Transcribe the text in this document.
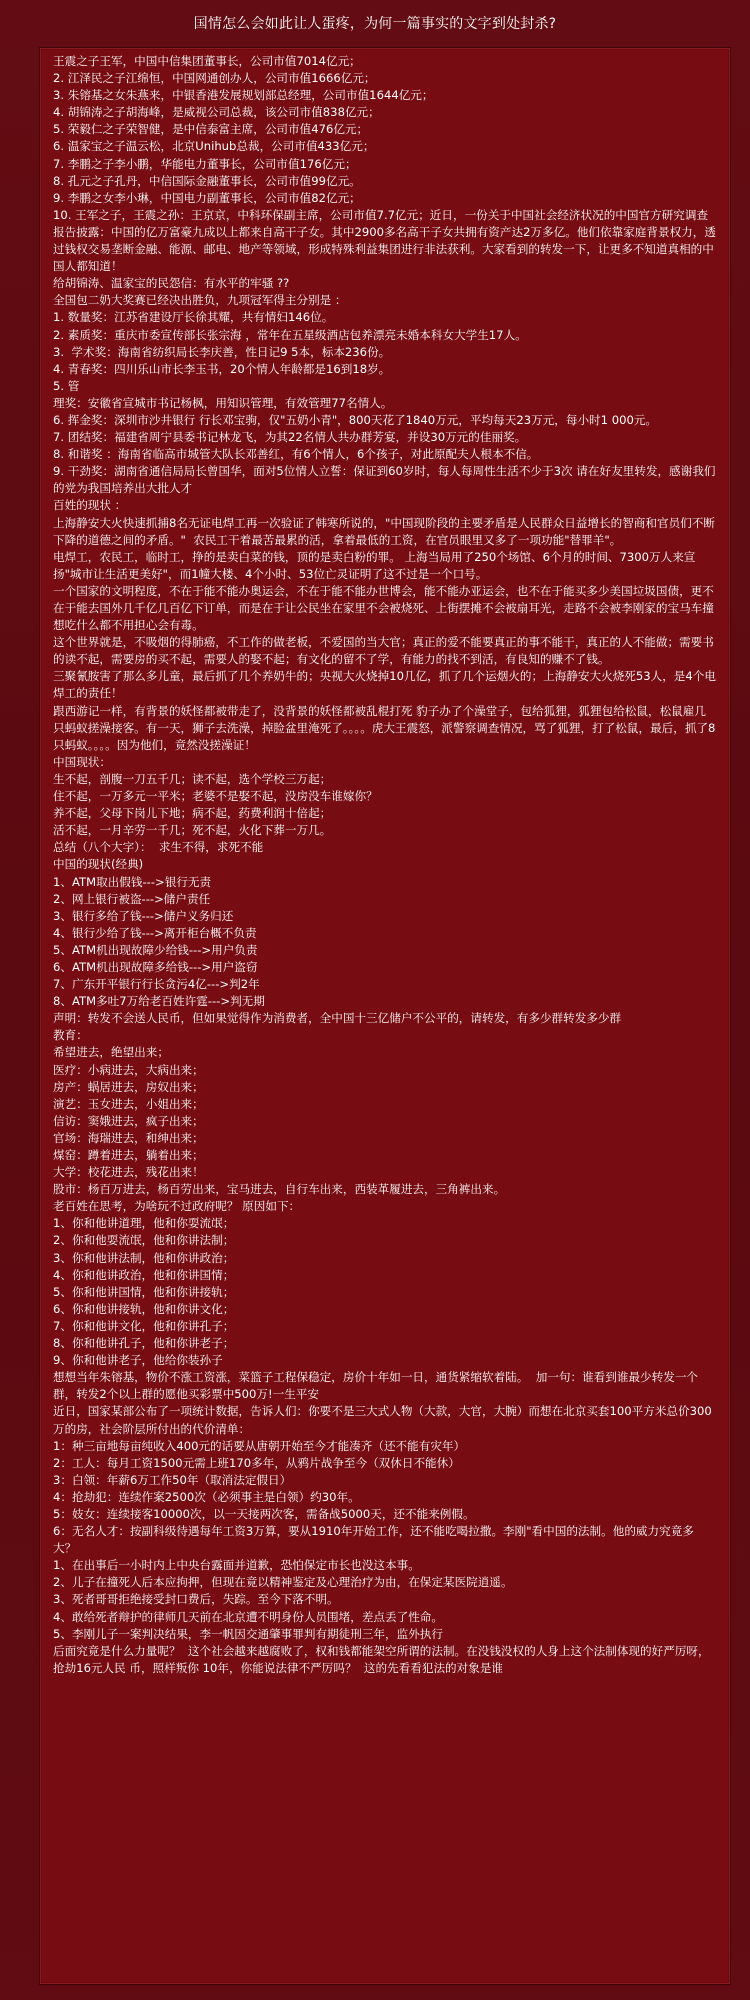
国情怎么会如此让人蛋疼，为何一篇事实的文字到处封杀?

王震之子王军，中国中信集团董事长，公司市值7014亿元；

2. 江泽民之子江绵恒，中国网通创办人，公司市值1666亿元；

3. 朱镕基之女朱燕来，中银香港发展规划部总经理，公司市值1644亿元；

4. 胡锦涛之子胡海峰，是威视公司总裁，该公司市值838亿元；

5. 荣毅仁之子荣智健，是中信泰富主席，公司市值476亿元；

6. 温家宝之子温云松，北京Unihub总裁，公司市值433亿元；

7. 李鹏之子李小鹏，华能电力董事长，公司市值176亿元；

8. 孔元之子孔丹，中信国际金融董事长，公司市值99亿元。

9. 李鹏之女李小琳，中国电力副董事长，公司市值82亿元；

10. 王军之子，王震之孙：王京京，中科环保副主席，公司市值7.7亿元；近日，一份关于中国社会经济状况的中国官方研究调查报告披露：中国的亿万富豪九成以上都来自高干子女。其中2900多名高干子女共拥有资产达2万多亿。他们依靠家庭背景权力，透过钱权交易垄断金融、能源、邮电、地产等领域，形成特殊利益集团进行非法获利。大家看到的转发一下，让更多不知道真相的中国人都知道！

给胡锦涛、温家宝的民怨信：有水平的牢骚 ??

全国包二奶大奖赛已经决出胜负，九项冠军得主分别是 ：

1. 数量奖：江苏省建设厅长徐其耀，共有情妇146位。

2. 素质奖：重庆市委宣传部长张宗海 ，常年在五星级酒店包养漂亮未婚本科女大学生17人。

3.  学术奖：海南省纺织局长李庆善，性日记9 5本，标本236份。

4. 青春奖：四川乐山市长李玉书，20个情人年龄都是16到18岁。

5. 管

理奖：安徽省宣城市书记杨枫，用知识管理，有效管理77名情人。

6. 挥金奖：深圳市沙井银行 行长邓宝驹，仅"五奶小青"，800天花了1840万元，平均每天23万元，每小时1 000元。

7. 团结奖：福建省周宁县委书记林龙飞，为其22名情人共办群芳宴，并设30万元的佳丽奖。

8. 和谐奖 ：海南省临高市城管大队长邓善红，有6个情人，6个孩子，对此原配夫人根本不信。

9. 干劲奖：湖南省通信局局长曾国华，面对5位情人立誓：保证到60岁时，每人每周性生活不少于3次 请在好友里转发，感谢我们的党为我国培养出大批人才

百姓的现状 ：

上海静安大火快速抓捕8名无证电焊工再一次验证了韩寒所说的，"中国现阶段的主要矛盾是人民群众日益增长的智商和官员们不断下降的道德之间的矛盾。"  农民工干着最苦最累的活，拿着最低的工资，在官员眼里又多了一项功能"替罪羊"。

电焊工，农民工，临时工，挣的是卖白菜的钱，顶的是卖白粉的罪。 上海当局用了250个场馆、6个月的时间、7300万人来宣扬"城市让生活更美好"，而1幢大楼、4个小时、53位亡灵证明了这不过是一个口号。

一个国家的文明程度，不在于能不能办奥运会，不在于能不能办世博会，能不能办亚运会，也不在于能买多少美国垃圾国债，更不在于能去国外几千亿几百亿下订单，而是在于让公民坐在家里不会被烧死、上街摆摊不会被扇耳光，走路不会被李刚家的宝马车撞想吃什么都不用担心会有毒。

这个世界就是，不吸烟的得肺癌，不工作的做老板，不爱国的当大官；真正的爱不能要真正的事不能干，真正的人不能做；需要书的读不起，需要房的买不起，需要人的娶不起；有文化的留不了学，有能力的找不到活，有良知的赚不了钱。

三聚氰胺害了那么多儿童，最后抓了几个养奶牛的；央视大火烧掉10几亿，抓了几个运烟火的；上海静安大火烧死53人，是4个电焊工的责任！

跟西游记一样，有背景的妖怪都被带走了，没背景的妖怪都被乱棍打死 豹子办了个澡堂子，包给狐狸，狐狸包给松鼠，松鼠雇几只蚂蚁搓澡接客。有一天，狮子去洗澡，掉脸盆里淹死了。。。。虎大王震怒，派警察调查情况，骂了狐狸，打了松鼠，最后，抓了8只蚂蚁。。。。因为他们，竟然没搓澡证！

中国现状：

生不起，剖腹一刀五千几；读不起，选个学校三万起；

住不起，一万多元一平米；老婆不是娶不起，没房没车谁嫁你？

养不起，父母下岗儿下地；病不起，药费利润十倍起；

活不起，一月辛劳一千几；死不起，火化下葬一万几。

总结（八个大字）：  求生不得，求死不能

中国的现状(经典)

1、ATM取出假钱--->银行无责

2、网上银行被盗--->储户责任

3、银行多给了钱--->储户义务归还

4、银行少给了钱--->离开柜台概不负责

5、ATM机出现故障少给钱--->用户负责

6、ATM机出现故障多给钱--->用户盗窃

7、广东开平银行行长贪污4亿--->判2年

8、ATM多吐7万给老百姓许霆--->判无期

声明：转发不会送人民币，但如果觉得作为消费者，全中国十三亿储户不公平的，请转发，有多少群转发多少群

教育：

希望进去，绝望出来；

医疗：小病进去，大病出来；

房产：蜗居进去，房奴出来；

演艺：玉女进去，小姐出来；

信访：窦娥进去，疯子出来；

官场：海瑞进去，和绅出来；

煤窑：蹲着进去，躺着出来；

大学：校花进去，残花出来！

股市：杨百万进去，杨百劳出来，宝马进去，自行车出来，西装革履进去，三角裤出来。

老百姓在思考，为啥玩不过政府呢？ 原因如下：

1、你和他讲道理，他和你耍流氓；

2、你和他耍流氓，他和你讲法制；

3、你和他讲法制，他和你讲政治；

4、你和他讲政治，他和你讲国情；

5、你和他讲国情，他和你讲接轨；

6、你和他讲接轨，他和你讲文化；

7、你和他讲文化，他和你讲孔子；

8、你和他讲孔子，他和你讲老子；

9、你和他讲老子，他给你装孙子

想想当年朱镕基，物价不涨工资涨，菜篮子工程保稳定，房价十年如一日，通货紧缩软着陆。  加一句：谁看到谁最少转发一个群，转发2个以上群的愿他买彩票中500万!一生平安

近日，国家某部公布了一项统计数据，告诉人们：你要不是三大式人物（大款，大官，大腕）而想在北京买套100平方米总价300万的房，社会阶层所付出的代价清单：

1：种三亩地每亩纯收入400元的话要从唐朝开始至今才能凑齐（还不能有灾年）

2：工人：每月工资1500元需上班170多年，从鸦片战争至今（双休日不能休）

3：白领：年薪6万工作50年（取消法定假日）

4：抢劫犯：连续作案2500次（必须事主是白领）约30年。

5：妓女：连续接客10000次，以一天接两次客，需备战5000天，还不能来例假。

6：无名人才：按副科级待遇每年工资3万算，要从1910年开始工作，还不能吃喝拉撒。李刚"看中国的法制。他的威力究竟多大？

1、在出事后一小时内上中央台露面并道歉，恐怕保定市长也没这本事。

2、儿子在撞死人后本应拘押，但现在竟以精神鉴定及心理治疗为由，在保定某医院逍遥。

3、死者哥哥拒绝接受封口费后，失踪。至今下落不明。

4、敢给死者辩护的律师几天前在北京遭不明身份人员围堵，差点丢了性命。

5、李刚儿子一案判决结果，李一帆因交通肇事罪判有期徒刑三年，监外执行

后面究竟是什么力量呢？  这个社会越来越腐败了，权和钱都能架空所谓的法制。在没钱没权的人身上这个法制体现的好严厉呀，抢劫16元人民 币，照样叛你 10年，你能说法律不严厉吗？  这的先看看犯法的对象是谁
